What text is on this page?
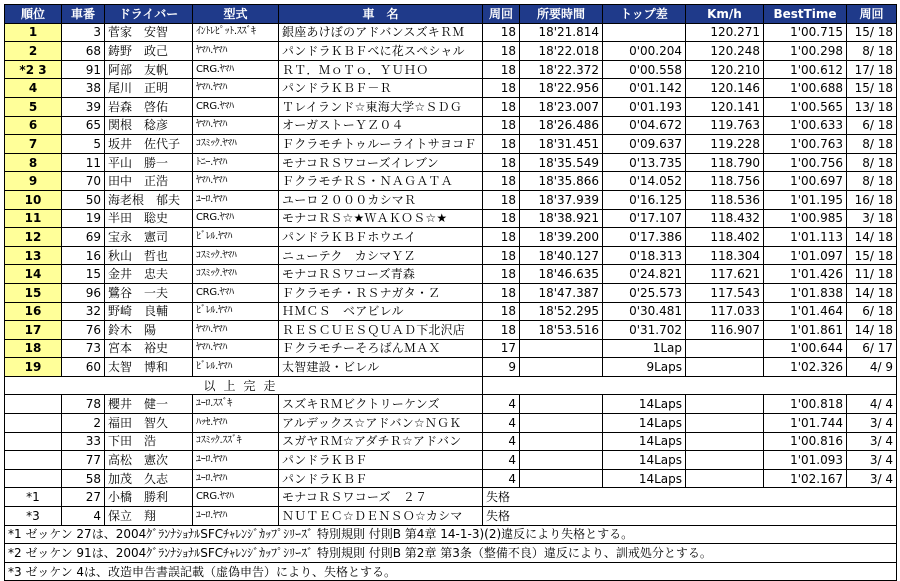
順位	車番	ドライバー	型式	車　名	周回	所要時間	トップ差	Km/h	BestTime	周回
1	3	菅家　安智	ｲﾝﾄﾚﾋﾟｯﾄ.ｽｽﾞｷ	銀座あけぼのアドバンスズキＲＭ	18	18'21.814		120.271	1'00.715	15/ 18
2	68	鋳野　政己	ﾔﾏﾊ.ﾔﾏﾊ	パンドラＫＢＦべに花スペシャル	18	18'22.018	0'00.204	120.248	1'00.298	8/ 18
*2 3	91	阿部　友帆	CRG.ﾔﾏﾊ	ＲＴ．ＭｏＴｏ．ＹＵＨＯ	18	18'22.372	0'00.558	120.210	1'00.612	17/ 18
4	38	尾川　正明	ﾔﾏﾊ.ﾔﾏﾊ	パンドラＫＢＦ－Ｒ	18	18'22.956	0'01.142	120.146	1'00.688	15/ 18
5	39	岩森　啓佑	CRG.ﾔﾏﾊ	Ｔレイランド☆東海大学☆ＳＤＧ	18	18'23.007	0'01.193	120.141	1'00.565	13/ 18
6	65	関根　稔彦	ﾔﾏﾊ.ﾔﾏﾊ	オーガストーＹＺ０４	18	18'26.486	0'04.672	119.763	1'00.633	6/ 18
7	5	坂井　佐代子	ｺｽﾐｯｸ.ﾔﾏﾊ	ＦクラモチトゥルーライトサヨコＦ	18	18'31.451	0'09.637	119.228	1'00.763	8/ 18
8	11	平山　勝一	ﾄﾆｰ.ﾔﾏﾊ	モナコＲＳワコーズイレブン	18	18'35.549	0'13.735	118.790	1'00.756	8/ 18
9	70	田中　正浩	ﾔﾏﾊ.ﾔﾏﾊ	ＦクラモチＲＳ・ＮＡＧＡＴＡ	18	18'35.866	0'14.052	118.756	1'00.697	8/ 18
10	50	海老根　郁夫	ﾕｰﾛ.ﾔﾏﾊ	ユーロ２０００カシマＲ	18	18'37.939	0'16.125	118.536	1'01.195	16/ 18
11	19	半田　聡史	CRG.ﾔﾏﾊ	モナコＲＳ☆★ＷＡＫＯＳ☆★	18	18'38.921	0'17.107	118.432	1'00.985	3/ 18
12	69	宝永　憲司	ﾋﾞﾚﾙ.ﾔﾏﾊ	パンドラＫＢＦホウエイ	18	18'39.200	0'17.386	118.402	1'01.113	14/ 18
13	16	秋山　哲也	ｺｽﾐｯｸ.ﾔﾏﾊ	ニューテク　カシマＹＺ	18	18'40.127	0'18.313	118.304	1'01.097	15/ 18
14	15	金井　忠夫	ｺｽﾐｯｸ.ﾔﾏﾊ	モナコＲＳワコーズ青森	18	18'46.635	0'24.821	117.621	1'01.426	11/ 18
15	96	鷺谷　一夫	CRG.ﾔﾏﾊ	Ｆクラモチ・ＲＳナガタ・Ｚ	18	18'47.387	0'25.573	117.543	1'01.838	14/ 18
16	32	野崎　良輔	ﾋﾞﾚﾙ.ﾔﾏﾊ	ＨＭＣＳ　ベアビレル	18	18'52.295	0'30.481	117.033	1'01.464	6/ 18
17	76	鈴木　陽	ﾔﾏﾊ.ﾔﾏﾊ	ＲＥＳＣＵＥＳＱＵＡＤ下北沢店	18	18'53.516	0'31.702	116.907	1'01.861	14/ 18
18	73	宮本　裕史	ﾔﾏﾊ.ﾔﾏﾊ	ＦクラモチーそろばんＭＡＸ	17		1Lap		1'00.644	6/ 17
19	60	太智　博和	ﾋﾞﾚﾙ.ﾔﾏﾊ	太智建設・ビレル	9		9Laps		1'02.326	4/ 9
以上完走										
	78	櫻井　健一	ﾕｰﾛ.ｽｽﾞｷ	スズキＲＭビクトリーケンズ	4		14Laps		1'00.818	4/ 4
	2	福田　智久	ﾊｯｾ.ﾔﾏﾊ	アルデックス☆アドバン☆ＮＧＫ	4		14Laps		1'01.744	3/ 4
	33	下田　浩	ｺｽﾐｯｸ.ｽｽﾞｷ	スガヤＲＭ☆アダチＲ☆アドバン	4		14Laps		1'00.816	3/ 4
	77	高松　憲次	ﾕｰﾛ.ﾔﾏﾊ	パンドラＫＢＦ	4		14Laps		1'01.093	3/ 4
	58	加茂　久志	ﾕｰﾛ.ﾔﾏﾊ	パンドラＫＢＦ	4		14Laps		1'02.167	3/ 4
*1	27	小橋　勝利	CRG.ﾔﾏﾊ	モナコＲＳワコーズ　２７	失格					
*3	4	保立　翔	ﾕｰﾛ.ﾔﾏﾊ	ＮＵＴＥＣ☆ＤＥＮＳＯ☆カシマ	失格					
*1 ゼッケン 27は、2004ｸﾞﾗﾝﾅｼｮﾅﾙSFCﾁｬﾚﾝｼﾞｶｯﾌﾟｼﾘｰｽﾞ 特別規則 付則B 第4章 14-1-3)(2)違反により失格とする。										
*2 ゼッケン 91は、2004ｸﾞﾗﾝﾅｼｮﾅﾙSFCﾁｬﾚﾝｼﾞｶｯﾌﾟｼﾘｰｽﾞ 特別規則 付則B 第2章 第3条（整備不良）違反により、訓戒処分とする。										
*3 ゼッケン 4は、改造申告書誤記載（虚偽申告）により、失格とする。										
